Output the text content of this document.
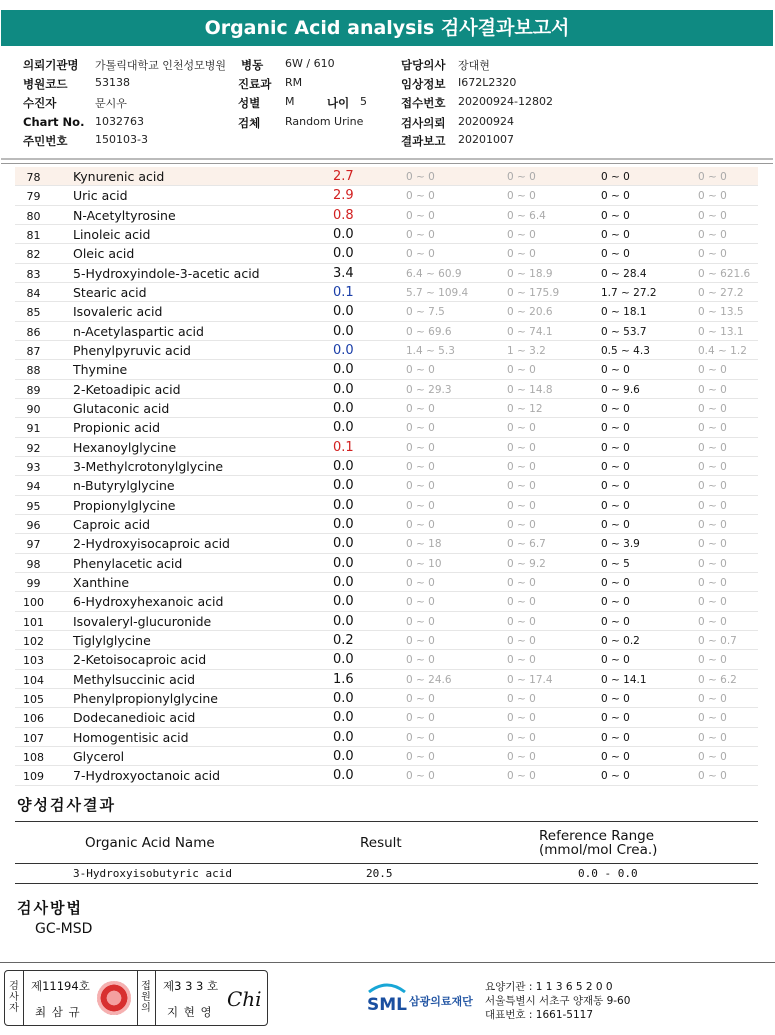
Organic Acid analysis 검사결과보고서
의뢰기관명 가톨릭대학교 인천성모병원 병동 6W / 610	담당의사 장대현
병원코드	53138	진료과 RM	임상정보 I672L2320
수진자	문시우	성별 M	나이 5	접수번호 20200924-12802
Chart No. 1032763	검체 Random Urine	검사의뢰 20200924
주민번호	150103-3	결과보고 20201007
78	Kynurenic acid	2.7	0 ~ 0	0 ~ 0	0 ~ 0	0 ~ 0
79	Uric acid	2.9	0 ~ 0	0 ~ 0	0 ~ 0	0 ~ 0
80	N-Acetyltyrosine	0.8	0 ~ 0	0 ~ 6.4	0 ~ 0	0 ~ 0
81	Linoleic acid	0.0	0 ~ 0	0 ~ 0	0 ~ 0	0 ~ 0
82	Oleic acid	0.0	0 ~ 0	0 ~ 0	0 ~ 0	0 ~ 0
83	5-Hydroxyindole-3-acetic acid	3.4	6.4 ~ 60.9	0 ~ 18.9	0 ~ 28.4	0 ~ 621.6
84	Stearic acid	0.1	5.7 ~ 109.4	0 ~ 175.9	1.7 ~ 27.2	0 ~ 27.2
85	Isovaleric acid	0.0	0 ~ 7.5	0 ~ 20.6	0 ~ 18.1	0 ~ 13.5
86	n-Acetylaspartic acid	0.0	0 ~ 69.6	0 ~ 74.1	0 ~ 53.7	0 ~ 13.1
87	Phenylpyruvic acid	0.0	1.4 ~ 5.3	1 ~ 3.2	0.5 ~ 4.3	0.4 ~ 1.2
88	Thymine	0.0	0 ~ 0	0 ~ 0	0 ~ 0	0 ~ 0
89	2-Ketoadipic acid	0.0	0 ~ 29.3	0 ~ 14.8	0 ~ 9.6	0 ~ 0
90	Glutaconic acid	0.0	0 ~ 0	0 ~ 12	0 ~ 0	0 ~ 0
91	Propionic acid	0.0	0 ~ 0	0 ~ 0	0 ~ 0	0 ~ 0
92	Hexanoylglycine	0.1	0 ~ 0	0 ~ 0	0 ~ 0	0 ~ 0
93	3-Methylcrotonylglycine	0.0	0 ~ 0	0 ~ 0	0 ~ 0	0 ~ 0
94	n-Butyrylglycine	0.0	0 ~ 0	0 ~ 0	0 ~ 0	0 ~ 0
95	Propionylglycine	0.0	0 ~ 0	0 ~ 0	0 ~ 0	0 ~ 0
96	Caproic acid	0.0	0 ~ 0	0 ~ 0	0 ~ 0	0 ~ 0
97	2-Hydroxyisocaproic acid	0.0	0 ~ 18	0 ~ 6.7	0 ~ 3.9	0 ~ 0
98	Phenylacetic acid	0.0	0 ~ 10	0 ~ 9.2	0 ~ 5	0 ~ 0
99	Xanthine	0.0	0 ~ 0	0 ~ 0	0 ~ 0	0 ~ 0
100	6-Hydroxyhexanoic acid	0.0	0 ~ 0	0 ~ 0	0 ~ 0	0 ~ 0
101	Isovaleryl-glucuronide	0.0	0 ~ 0	0 ~ 0	0 ~ 0	0 ~ 0
102	Tiglylglycine	0.2	0 ~ 0	0 ~ 0	0 ~ 0.2	0 ~ 0.7
103	2-Ketoisocaproic acid	0.0	0 ~ 0	0 ~ 0	0 ~ 0	0 ~ 0
104	Methylsuccinic acid	1.6	0 ~ 24.6	0 ~ 17.4	0 ~ 14.1	0 ~ 6.2
105	Phenylpropionylglycine	0.0	0 ~ 0	0 ~ 0	0 ~ 0	0 ~ 0
106	Dodecanedioic acid	0.0	0 ~ 0	0 ~ 0	0 ~ 0	0 ~ 0
107	Homogentisic acid	0.0	0 ~ 0	0 ~ 0	0 ~ 0	0 ~ 0
108	Glycerol	0.0	0 ~ 0	0 ~ 0	0 ~ 0	0 ~ 0
109	7-Hydroxyoctanoic acid	0.0	0 ~ 0	0 ~ 0	0 ~ 0	0 ~ 0
양성검사결과
Organic Acid Name	Result	Reference Range
(mmol/mol Crea.)
3-Hydroxyisobutyric acid	20.5	0.0 - 0.0
검사방법
GC-MSD
검사자
제11194호
최 삼 규
접원의
제3 3 3 호
지 현 영
Chi	SML 삼광의료재단
요양기관 : 1 1 3 6 5 2 0 0
서울특별시 서초구 양재동 9-60
대표번호 : 1661-5117
